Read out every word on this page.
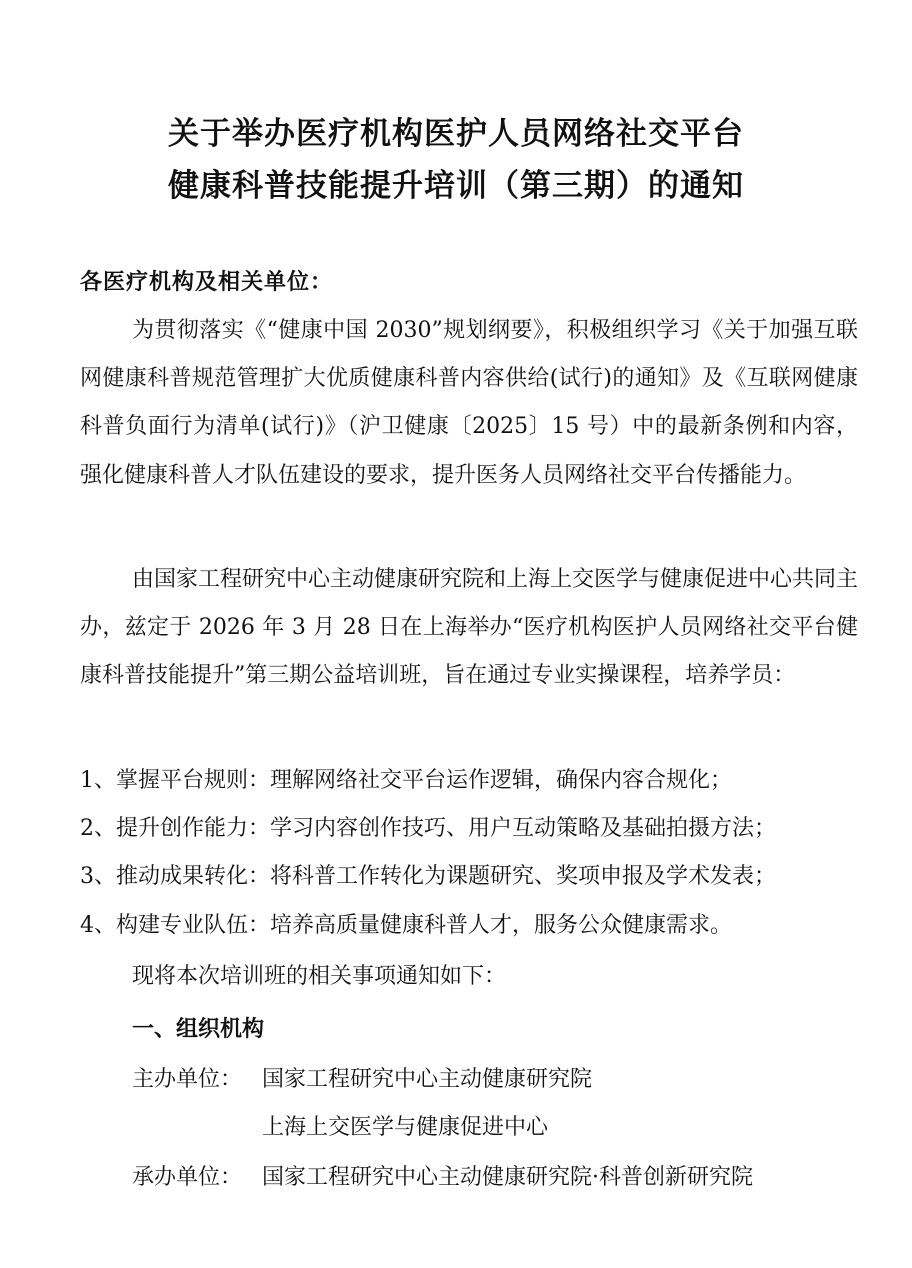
关于举办医疗机构医护人员网络社交平台
健康科普技能提升培训（第三期）的通知
各医疗机构及相关单位：

为贯彻落实《“健康中国 2030”规划纲要》，积极组织学习《关于加强互联网健康科普规范管理扩大优质健康科普内容供给(试行)的通知》及《互联网健康科普负面行为清单(试行)》（沪卫健康〔2025〕15 号）中的最新条例和内容，强化健康科普人才队伍建设的要求，提升医务人员网络社交平台传播能力。

由国家工程研究中心主动健康研究院和上海上交医学与健康促进中心共同主办，兹定于 2026 年 3 月 28 日在上海举办“医疗机构医护人员网络社交平台健康科普技能提升”第三期公益培训班，旨在通过专业实操课程，培养学员：

1、掌握平台规则：理解网络社交平台运作逻辑，确保内容合规化；
2、提升创作能力：学习内容创作技巧、用户互动策略及基础拍摄方法；
3、推动成果转化：将科普工作转化为课题研究、奖项申报及学术发表；
4、构建专业队伍：培养高质量健康科普人才，服务公众健康需求。
现将本次培训班的相关事项通知如下：
一、组织机构
主办单位： 国家工程研究中心主动健康研究院
上海上交医学与健康促进中心
承办单位： 国家工程研究中心主动健康研究院·科普创新研究院
